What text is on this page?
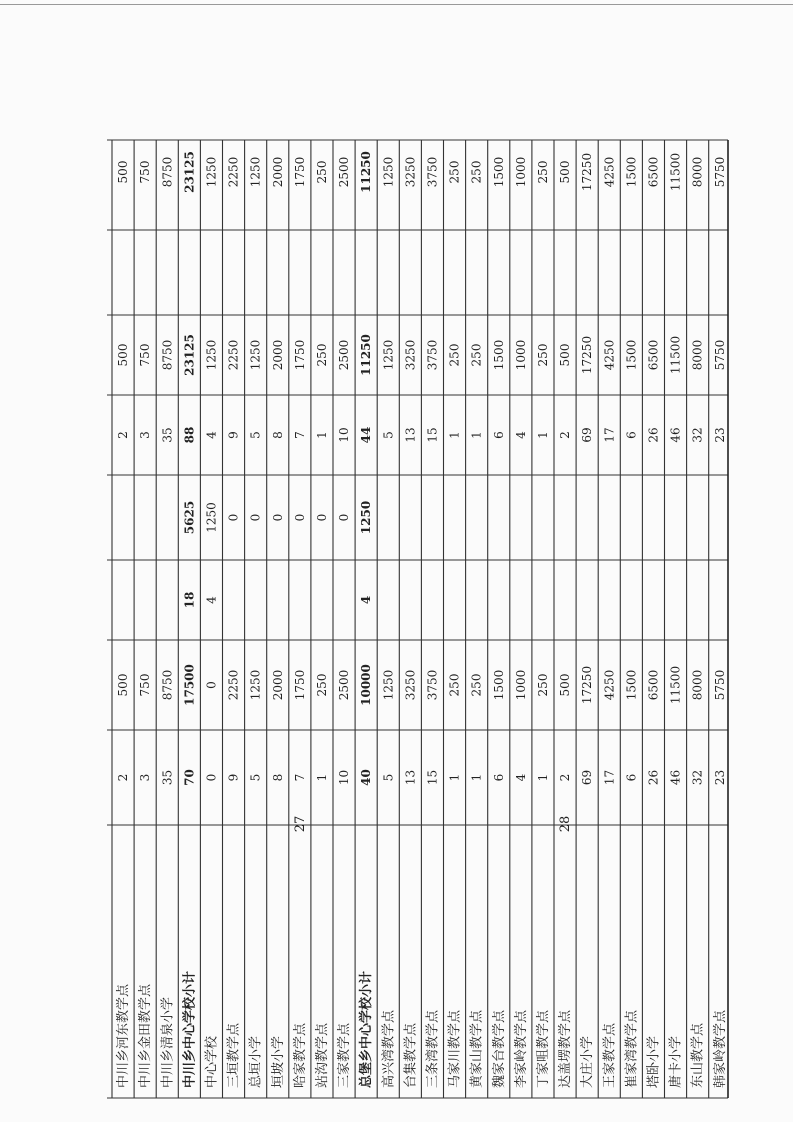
中川乡河东教学点
2
500
2
500
500
中川乡金田教学点
3
750
3
750
750
中川乡清泉小学
35
8750
35
8750
8750
中川乡中心学校小计
70
17500
18
5625
88
23125
23125
中心学校
0
0
4
1250
4
1250
1250
三垣教学点
9
2250
0
9
2250
2250
总垣小学
5
1250
0
5
1250
1250
垣坡小学
8
2000
0
8
2000
2000
哈家教学点
7
1750
0
7
1750
1750
站沟教学点
1
250
0
1
250
250
三家教学点
10
2500
0
10
2500
2500
总堡乡中心学校小计
40
10000
4
1250
44
11250
11250
高兴湾教学点
5
1250
5
1250
1250
台集教学点
13
3250
13
3250
3250
三条湾教学点
15
3750
15
3750
3750
马家川教学点
1
250
1
250
250
黄家山教学点
1
250
1
250
250
魏家台教学点
6
1500
6
1500
1500
李家岭教学点
4
1000
4
1000
1000
丁家咀教学点
1
250
1
250
250
达盖塄教学点
2
500
2
500
500
大庄小学
69
17250
69
17250
17250
王家教学点
17
4250
17
4250
4250
崔家湾教学点
6
1500
6
1500
1500
塔卧小学
26
6500
26
6500
6500
唐卡小学
46
11500
46
11500
11500
东山教学点
32
8000
32
8000
8000
韩家岭教学点
23
5750
23
5750
5750
27	28
